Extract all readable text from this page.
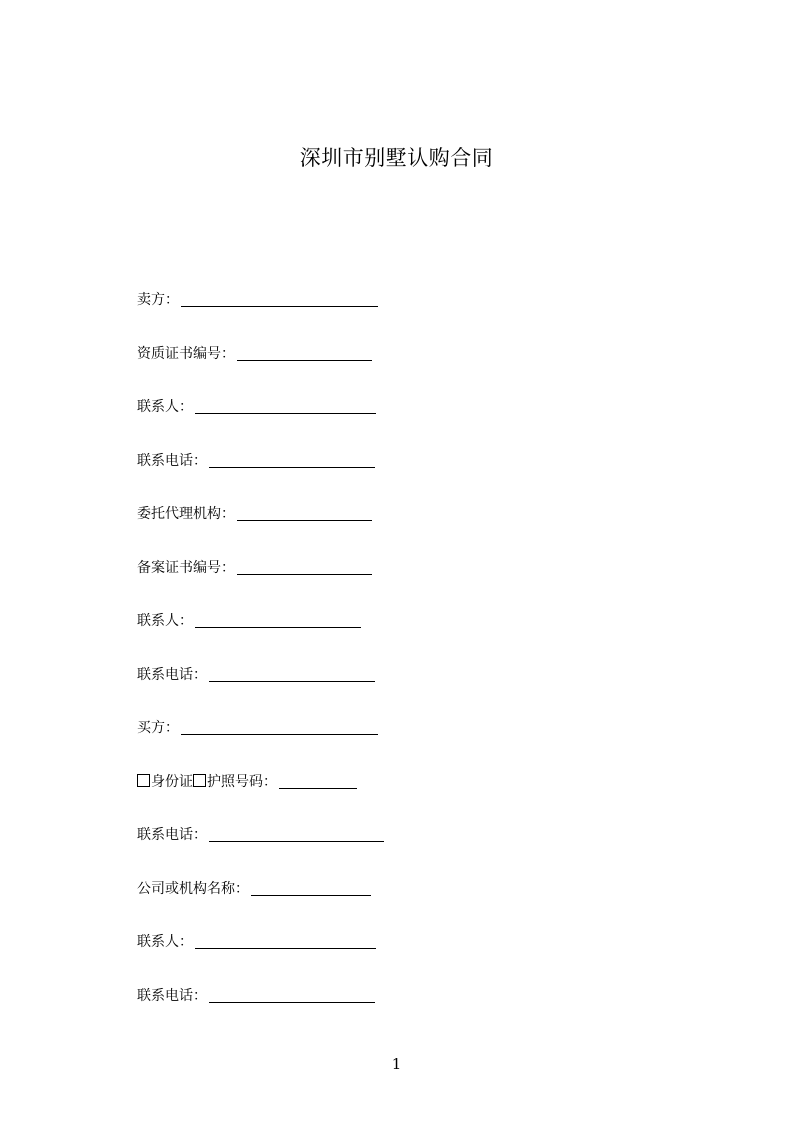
深圳市别墅认购合同
卖方：
资质证书编号：
联系人：
联系电话：
委托代理机构：
备案证书编号：
联系人：
联系电话：
买方：
身份证 护照号码：
联系电话：
公司或机构名称：
联系人：
联系电话：
1
